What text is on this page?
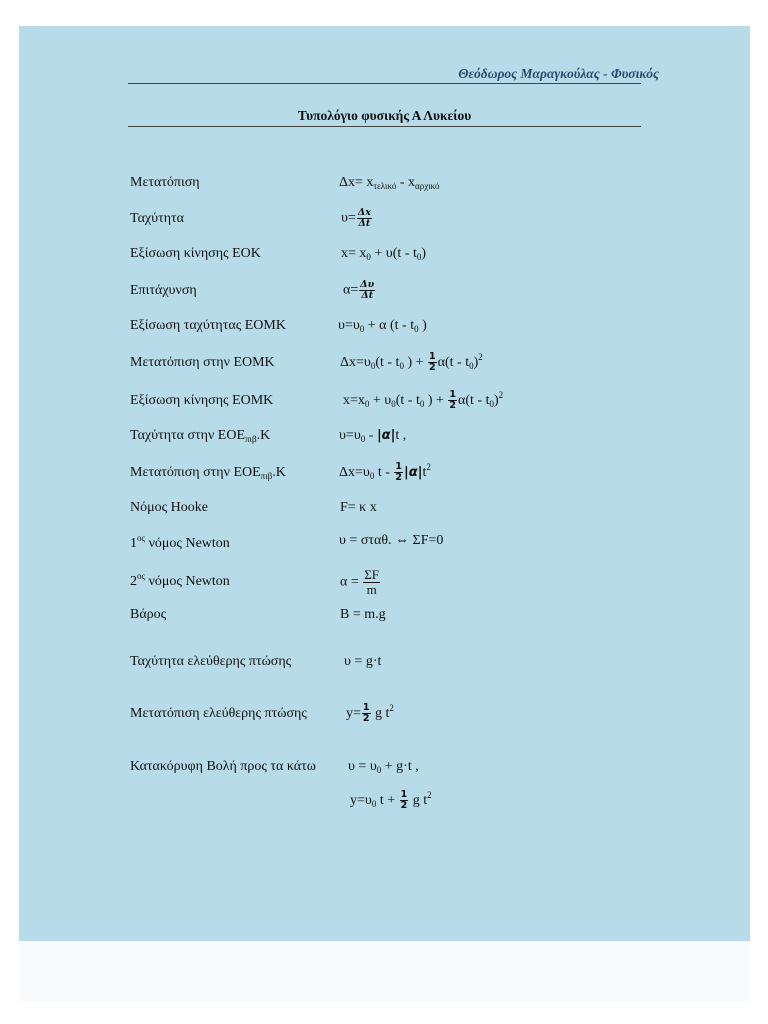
Θεόδωρος Μαραγκούλας - Φυσικός
Τυπολόγιο φυσικής Α Λυκείου
Μετατόπιση	$\Delta x= x_{\tau\varepsilon\lambda\iota\kappa ό} - x_{\alpha\rho\chi\iota\kappa ό}$
Ταχύτητα	$\upsilon= \frac{\Delta x}{\Delta t}$
Εξίσωση κίνησης ΕΟΚ	$x= x_0 + \upsilon(t - t_0)$
Επιτάχυνση	$\alpha= \frac{\Delta\upsilon}{\Delta t}$
Εξίσωση ταχύτητας ΕΟΜΚ	$\upsilon=\upsilon_0 + \alpha$ ($t - t_0$ )
Μετατόπιση στην ΕΟΜΚ	$\Delta x=\upsilon_0(t - t_0$ ) + $\frac{1}{2} \alpha(t - t_0)^2$
Εξίσωση κίνησης ΕΟΜΚ	$x=x_0 + \upsilon_0(t - t_0$ ) + $\frac{1}{2} \alpha(t - t_0)^2$
Ταχύτητα στην $EOE_{\pi\iota\beta}.K$	$\upsilon=\upsilon_0 - |\alpha|t$ ,
Μετατόπιση στην $EOE_{\pi\iota\beta}.K$	$\Delta x=\upsilon_0$ t - $\frac{1}{2} |\alpha|t^2$
Νόμος Hooke	F= κ x
$1^{o\varsigma}$ νόμος Newton	υ = σταθ. ⇔ ΣF=0
$2^{o\varsigma}$ νόμος Newton	$\alpha = \frac{\Sigma F}{m}$
Βάρος	Β = m.g
Ταχύτητα ελεύθερης πτώσης	υ = g·t
Μετατόπιση ελεύθερης πτώσης	$y= \frac{1}{2}$ g $t^2$
Κατακόρυφη Βολή προς τα κάτω $\upsilon = \upsilon_0 + g\cdot t$ ,
$y=\upsilon_0$ $t + \frac{1}{2}$ g $t^2$
